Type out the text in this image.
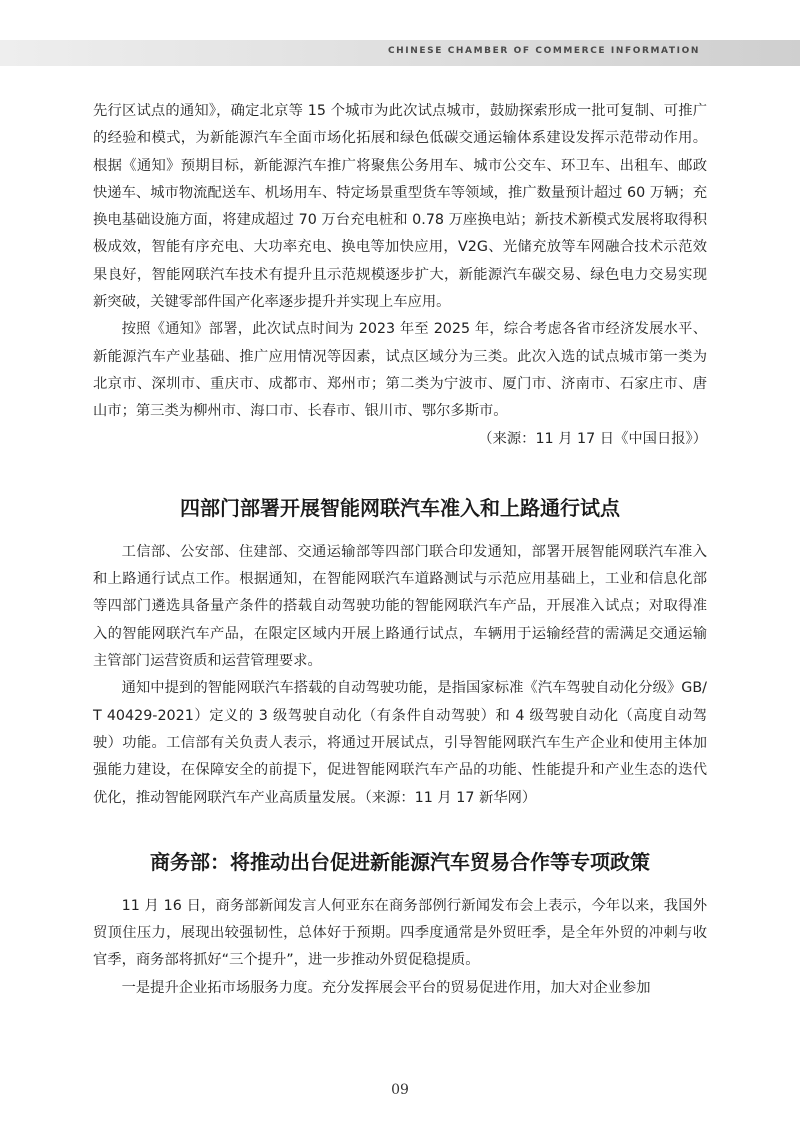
CHINESE CHAMBER OF COMMERCE INFORMATION

先行区试点的通知》，确定北京等 15 个城市为此次试点城市，鼓励探索形成一批可复制、可推广的经验和模式，为新能源汽车全面市场化拓展和绿色低碳交通运输体系建设发挥示范带动作用。根据《通知》预期目标，新能源汽车推广将聚焦公务用车、城市公交车、环卫车、出租车、邮政快递车、城市物流配送车、机场用车、特定场景重型货车等领域，推广数量预计超过 60 万辆；充换电基础设施方面，将建成超过 70 万台充电桩和 0.78 万座换电站；新技术新模式发展将取得积极成效，智能有序充电、大功率充电、换电等加快应用，V2G、光储充放等车网融合技术示范效果良好，智能网联汽车技术有提升且示范规模逐步扩大，新能源汽车碳交易、绿色电力交易实现新突破，关键零部件国产化率逐步提升并实现上车应用。

按照《通知》部署，此次试点时间为 2023 年至 2025 年，综合考虑各省市经济发展水平、新能源汽车产业基础、推广应用情况等因素，试点区域分为三类。此次入选的试点城市第一类为北京市、深圳市、重庆市、成都市、郑州市；第二类为宁波市、厦门市、济南市、石家庄市、唐山市；第三类为柳州市、海口市、长春市、银川市、鄂尔多斯市。

（来源：11 月 17 日《中国日报》）

四部门部署开展智能网联汽车准入和上路通行试点

工信部、公安部、住建部、交通运输部等四部门联合印发通知，部署开展智能网联汽车准入和上路通行试点工作。根据通知，在智能网联汽车道路测试与示范应用基础上，工业和信息化部等四部门遴选具备量产条件的搭载自动驾驶功能的智能网联汽车产品，开展准入试点；对取得准入的智能网联汽车产品，在限定区域内开展上路通行试点，车辆用于运输经营的需满足交通运输主管部门运营资质和运营管理要求。

通知中提到的智能网联汽车搭载的自动驾驶功能，是指国家标准《汽车驾驶自动化分级》GB/T 40429-2021）定义的 3 级驾驶自动化（有条件自动驾驶）和 4 级驾驶自动化（高度自动驾驶）功能。工信部有关负责人表示，将通过开展试点，引导智能网联汽车生产企业和使用主体加强能力建设，在保障安全的前提下，促进智能网联汽车产品的功能、性能提升和产业生态的迭代优化，推动智能网联汽车产业高质量发展。（来源：11 月 17 新华网）

商务部：将推动出台促进新能源汽车贸易合作等专项政策

11 月 16 日，商务部新闻发言人何亚东在商务部例行新闻发布会上表示，今年以来，我国外贸顶住压力，展现出较强韧性，总体好于预期。四季度通常是外贸旺季，是全年外贸的冲刺与收官季，商务部将抓好“三个提升”，进一步推动外贸促稳提质。

一是提升企业拓市场服务力度。充分发挥展会平台的贸易促进作用，加大对企业参加

09
